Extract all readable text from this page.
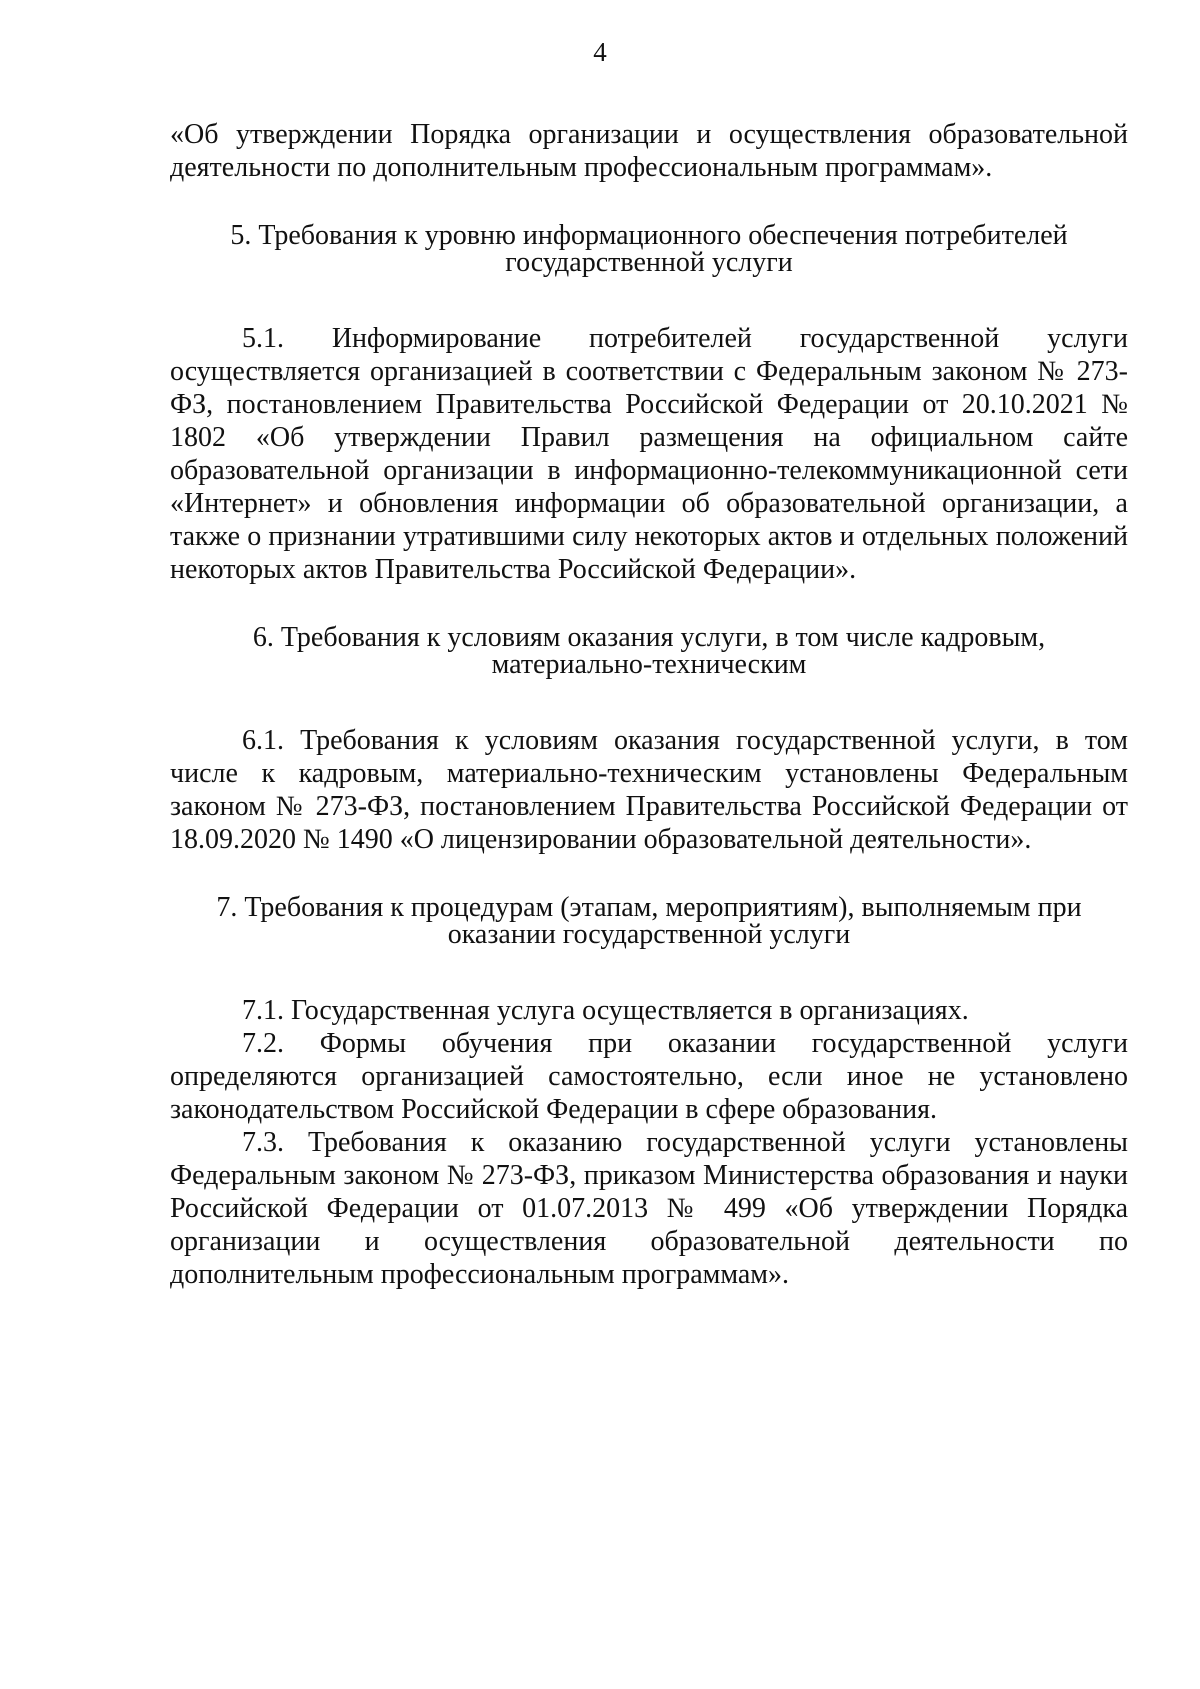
4

«Об утверждении Порядка организации и осуществления образовательной деятельности по дополнительным профессиональным программам».

5. Требования к уровню информационного обеспечения потребителей государственной услуги

5.1. Информирование потребителей государственной услуги осуществляется организацией в соответствии с Федеральным законом № 273-ФЗ, постановлением Правительства Российской Федерации от 20.10.2021 № 1802 «Об утверждении Правил размещения на официальном сайте образовательной организации в информационно-телекоммуникационной сети «Интернет» и обновления информации об образовательной организации, а также о признании утратившими силу некоторых актов и отдельных положений некоторых актов Правительства Российской Федерации».

6. Требования к условиям оказания услуги, в том числе кадровым, материально-техническим

6.1. Требования к условиям оказания государственной услуги, в том числе к кадровым, материально-техническим установлены Федеральным законом № 273-ФЗ, постановлением Правительства Российской Федерации от 18.09.2020 № 1490 «О лицензировании образовательной деятельности».

7. Требования к процедурам (этапам, мероприятиям), выполняемым при оказании государственной услуги

7.1. Государственная услуга осуществляется в организациях.

7.2. Формы обучения при оказании государственной услуги определяются организацией самостоятельно, если иное не установлено законодательством Российской Федерации в сфере образования.

7.3. Требования к оказанию государственной услуги установлены Федеральным законом № 273-ФЗ, приказом Министерства образования и науки Российской Федерации от 01.07.2013 № 499 «Об утверждении Порядка организации и осуществления образовательной деятельности по дополнительным профессиональным программам».
